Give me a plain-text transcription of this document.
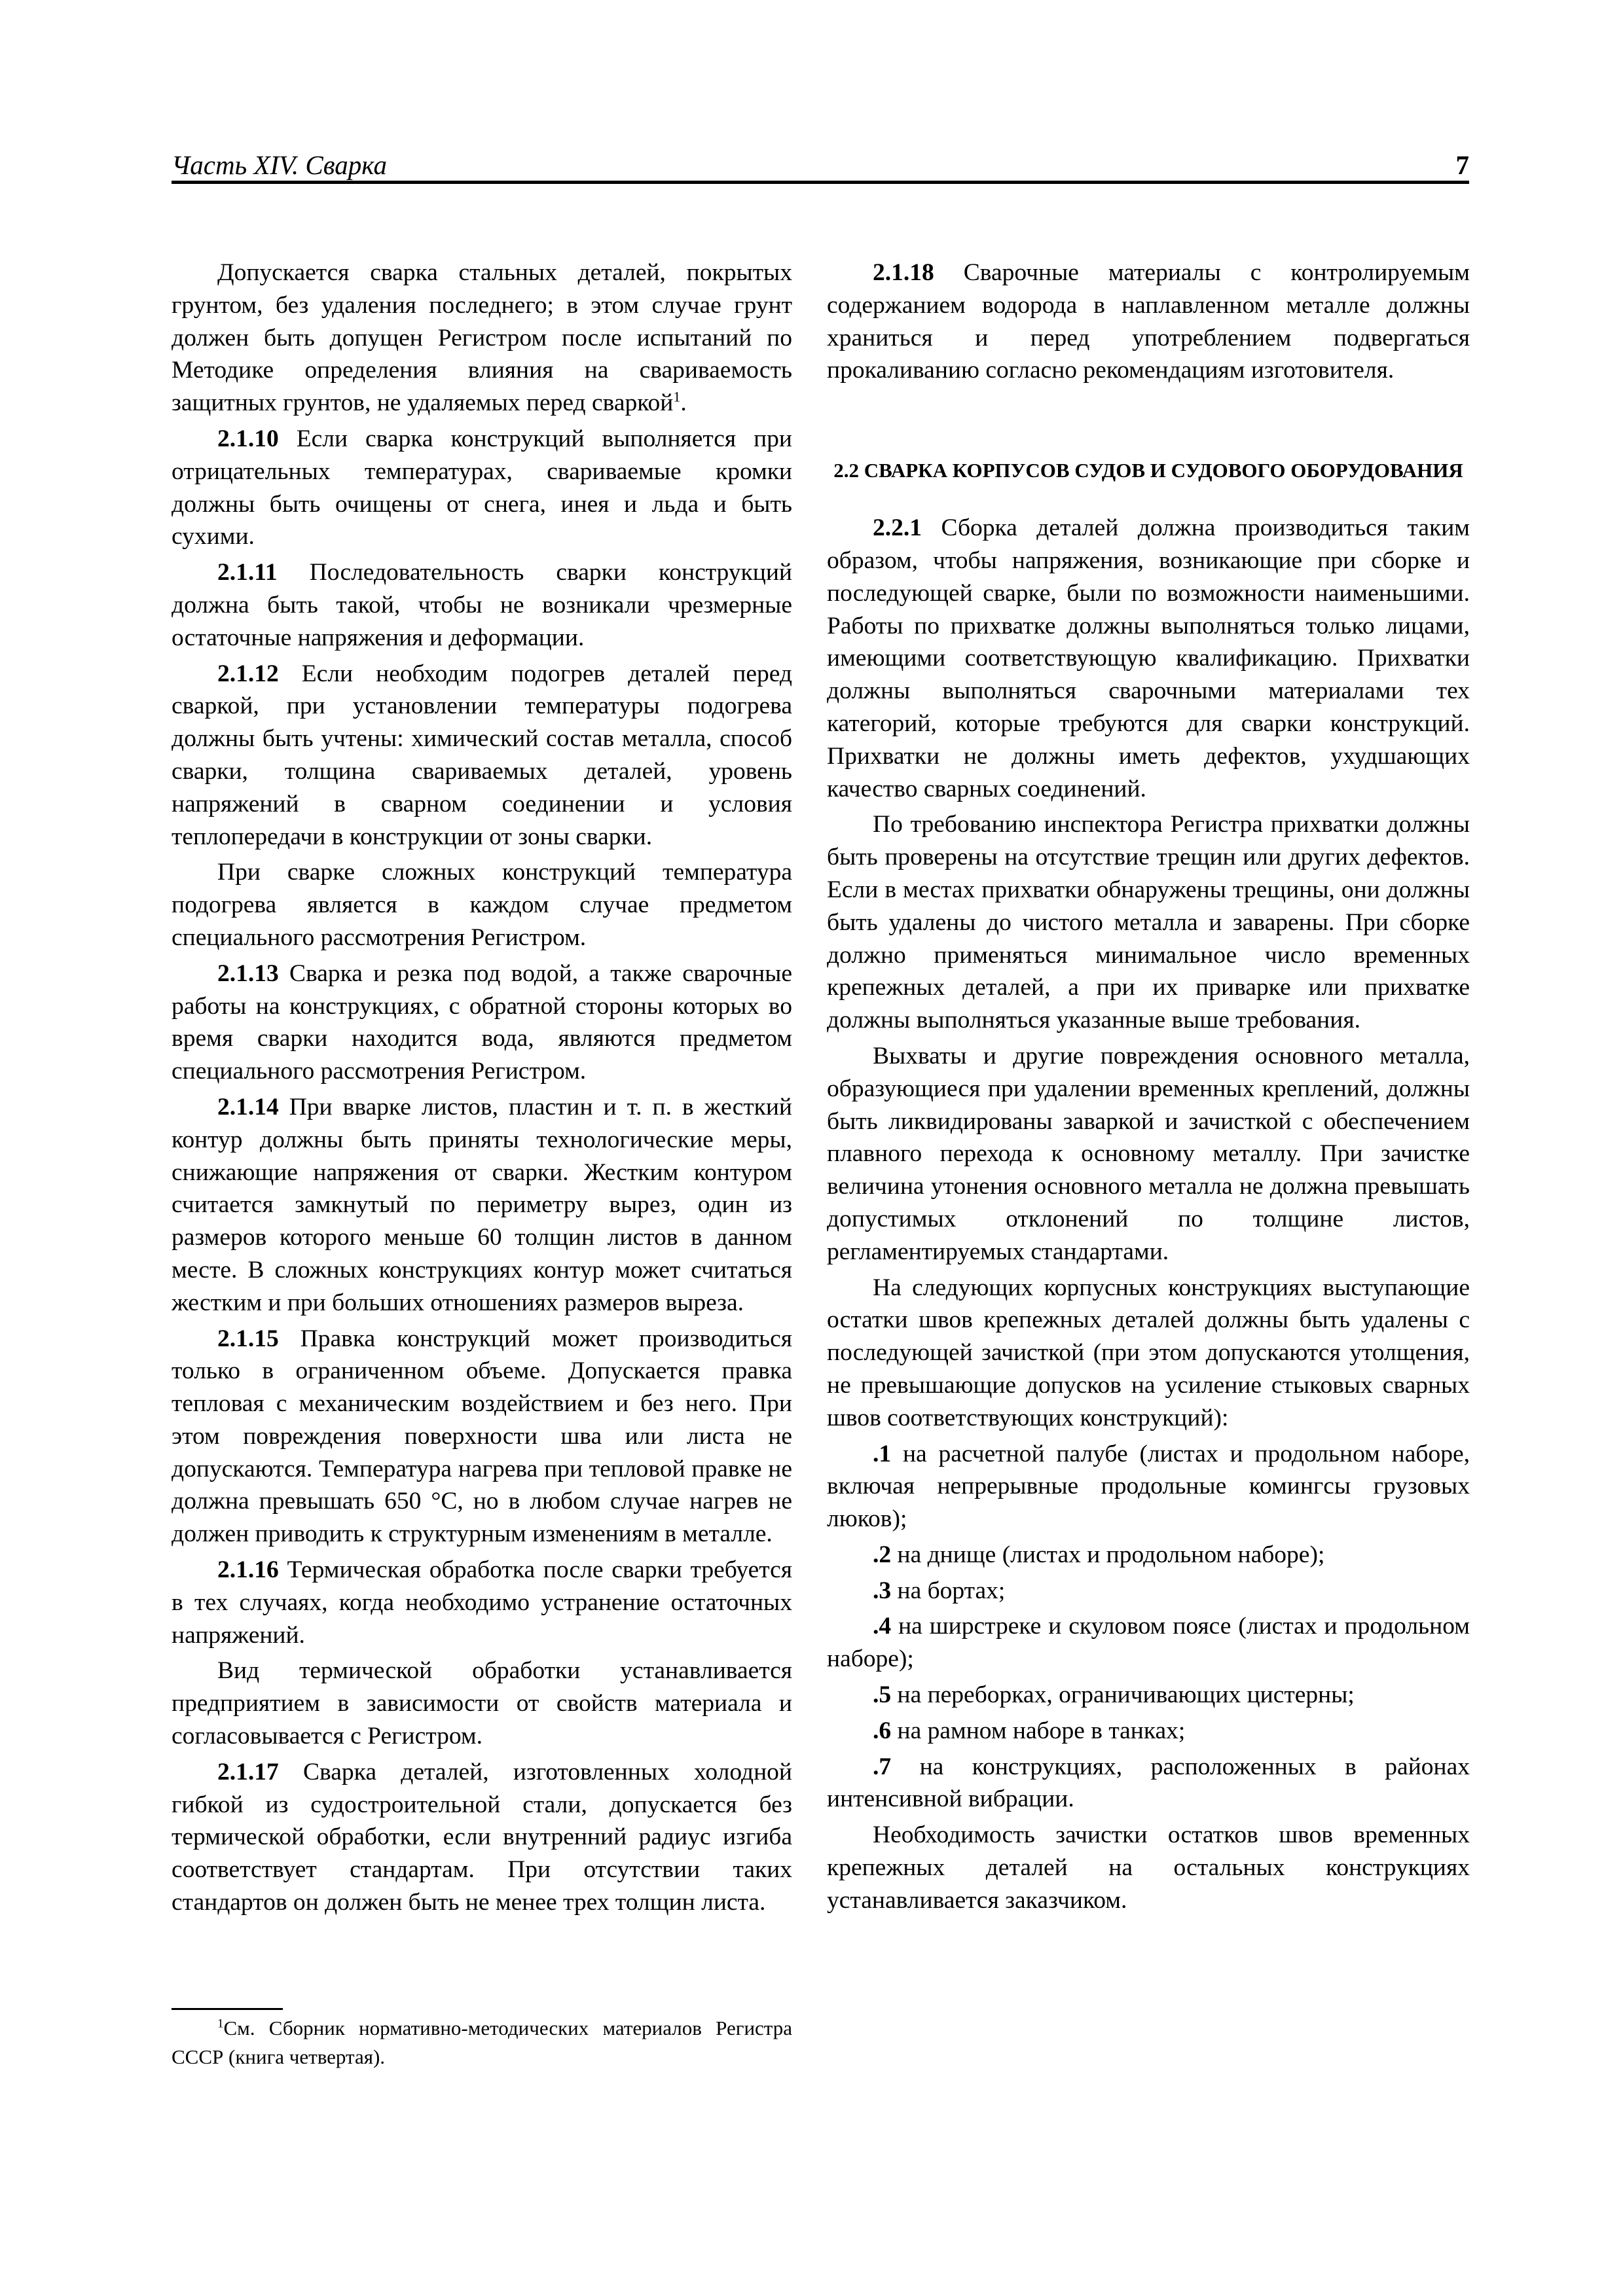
Часть XIV. Сварка	7

Допускается сварка стальных деталей, покрытых грунтом, без удаления последнего; в этом случае грунт должен быть допущен Регистром после испытаний по Методике определения влияния на свариваемость защитных грунтов, не удаляемых перед сваркой$^1$.

2.1.10 Если сварка конструкций выполняется при отрицательных температурах, свариваемые кромки должны быть очищены от снега, инея и льда и быть сухими.

2.1.11 Последовательность сварки конструкций должна быть такой, чтобы не возникали чрезмерные остаточные напряжения и деформации.

2.1.12 Если необходим подогрев деталей перед сваркой, при установлении температуры подогрева должны быть учтены: химический состав металла, способ сварки, толщина свариваемых деталей, уровень напряжений в сварном соединении и условия теплопередачи в конструкции от зоны сварки.

При сварке сложных конструкций температура подогрева является в каждом случае предметом специального рассмотрения Регистром.

2.1.13 Сварка и резка под водой, а также сварочные работы на конструкциях, с обратной стороны которых во время сварки находится вода, являются предметом специального рассмотрения Регистром.

2.1.14 При вварке листов, пластин и т. п. в жесткий контур должны быть приняты технологические меры, снижающие напряжения от сварки. Жестким контуром считается замкнутый по периметру вырез, один из размеров которого меньше 60 толщин листов в данном месте. В сложных конструкциях контур может считаться жестким и при больших отношениях размеров выреза.

2.1.15 Правка конструкций может производиться только в ограниченном объеме. Допускается правка тепловая с механическим воздействием и без него. При этом повреждения поверхности шва или листа не допускаются. Температура нагрева при тепловой правке не должна превышать 650 °С, но в любом случае нагрев не должен приводить к структурным изменениям в металле.

2.1.16 Термическая обработка после сварки требуется в тех случаях, когда необходимо устранение остаточных напряжений.

Вид термической обработки устанавливается предприятием в зависимости от свойств материала и согласовывается с Регистром.

2.1.17 Сварка деталей, изготовленных холодной гибкой из судостроительной стали, допускается без термической обработки, если внутренний радиус изгиба соответствует стандартам. При отсутствии таких стандартов он должен быть не менее трех толщин листа.

2.1.18 Сварочные материалы с контролируемым содержанием водорода в наплавленном металле должны храниться и перед употреблением подвергаться прокаливанию согласно рекомендациям изготовителя.

2.2 СВАРКА КОРПУСОВ СУДОВ И СУДОВОГО ОБОРУДОВАНИЯ

2.2.1 Сборка деталей должна производиться таким образом, чтобы напряжения, возникающие при сборке и последующей сварке, были по возможности наименьшими. Работы по прихватке должны выполняться только лицами, имеющими соответствующую квалификацию. Прихватки должны выполняться сварочными материалами тех категорий, которые требуются для сварки конструкций. Прихватки не должны иметь дефектов, ухудшающих качество сварных соединений.

По требованию инспектора Регистра прихватки должны быть проверены на отсутствие трещин или других дефектов. Если в местах прихватки обнаружены трещины, они должны быть удалены до чистого металла и заварены. При сборке должно применяться минимальное число временных крепежных деталей, а при их приварке или прихватке должны выполняться указанные выше требования.

Выхваты и другие повреждения основного металла, образующиеся при удалении временных креплений, должны быть ликвидированы заваркой и зачисткой с обеспечением плавного перехода к основному металлу. При зачистке величина утонения основного металла не должна превышать допустимых отклонений по толщине листов, регламентируемых стандартами.

На следующих корпусных конструкциях выступающие остатки швов крепежных деталей должны быть удалены с последующей зачисткой (при этом допускаются утолщения, не превышающие допусков на усиление стыковых сварных швов соответствующих конструкций):

.1 на расчетной палубе (листах и продольном наборе, включая непрерывные продольные комингсы грузовых люков);

.2 на днище (листах и продольном наборе);

.3 на бортах;

.4 на ширстреке и скуловом поясе (листах и продольном наборе);

.5 на переборках, ограничивающих цистерны;

.6 на рамном наборе в танках;

.7 на конструкциях, расположенных в районах интенсивной вибрации.

Необходимость зачистки остатков швов временных крепежных деталей на остальных конструкциях устанавливается заказчиком.

$^1$См. Сборник нормативно-методических материалов Регистра СССР (книга четвертая).
